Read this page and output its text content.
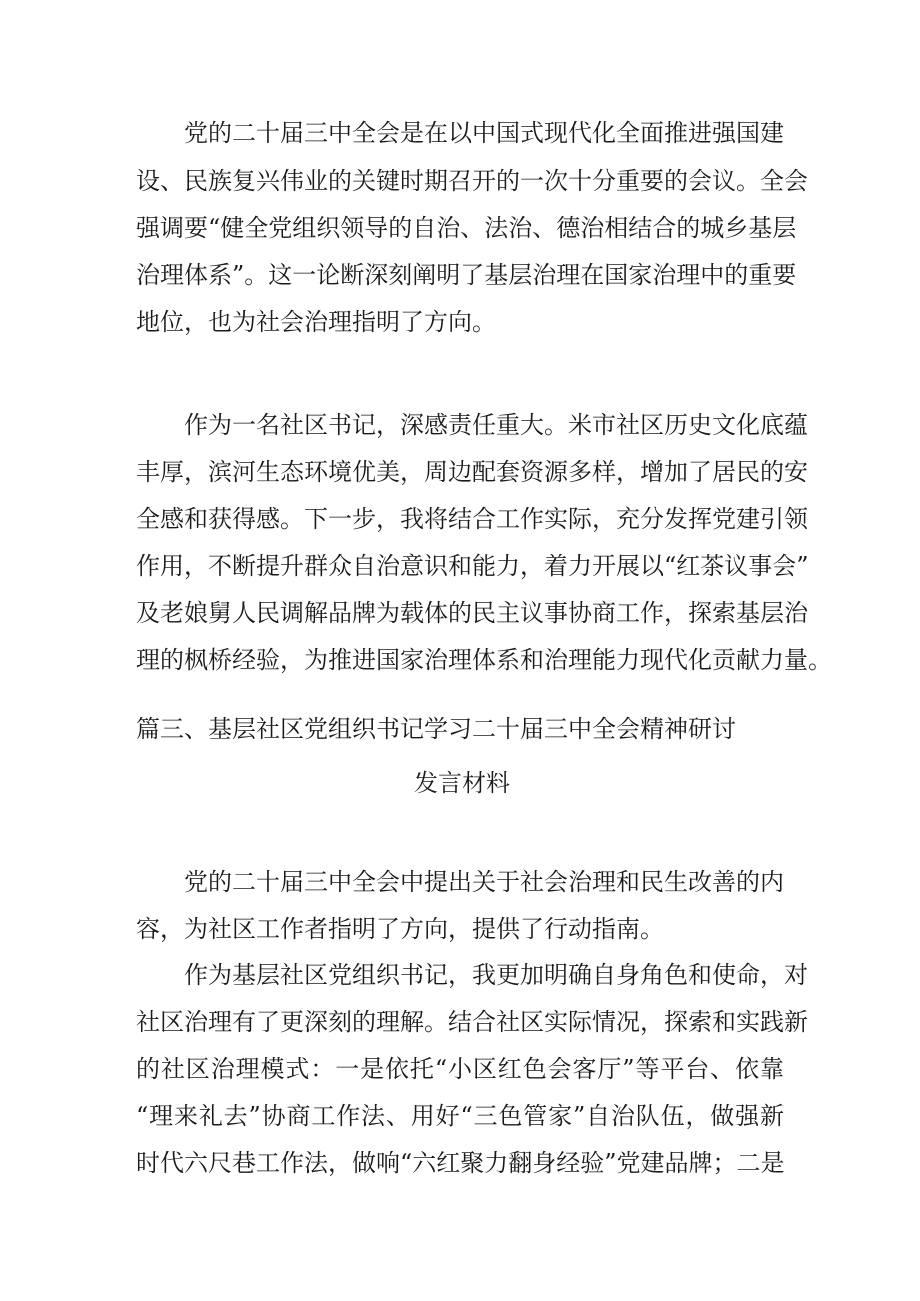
党的二十届三中全会是在以中国式现代化全面推进强国建
设、民族复兴伟业的关键时期召开的一次十分重要的会议。全会
强调要“健全党组织领导的自治、法治、德治相结合的城乡基层
治理体系”。这一论断深刻阐明了基层治理在国家治理中的重要
地位，也为社会治理指明了方向。
作为一名社区书记，深感责任重大。米市社区历史文化底蕴
丰厚，滨河生态环境优美，周边配套资源多样，增加了居民的安
全感和获得感。下一步，我将结合工作实际，充分发挥党建引领
作用，不断提升群众自治意识和能力，着力开展以“红茶议事会”
及老娘舅人民调解品牌为载体的民主议事协商工作，探索基层治
理的枫桥经验，为推进国家治理体系和治理能力现代化贡献力量。
篇三、基层社区党组织书记学习二十届三中全会精神研讨
发言材料
党的二十届三中全会中提出关于社会治理和民生改善的内
容，为社区工作者指明了方向，提供了行动指南。
作为基层社区党组织书记，我更加明确自身角色和使命，对
社区治理有了更深刻的理解。结合社区实际情况，探索和实践新
的社区治理模式：一是依托“小区红色会客厅”等平台、依靠
“理来礼去”协商工作法、用好“三色管家”自治队伍，做强新
时代六尺巷工作法，做响“六红聚力翻身经验”党建品牌；二是
